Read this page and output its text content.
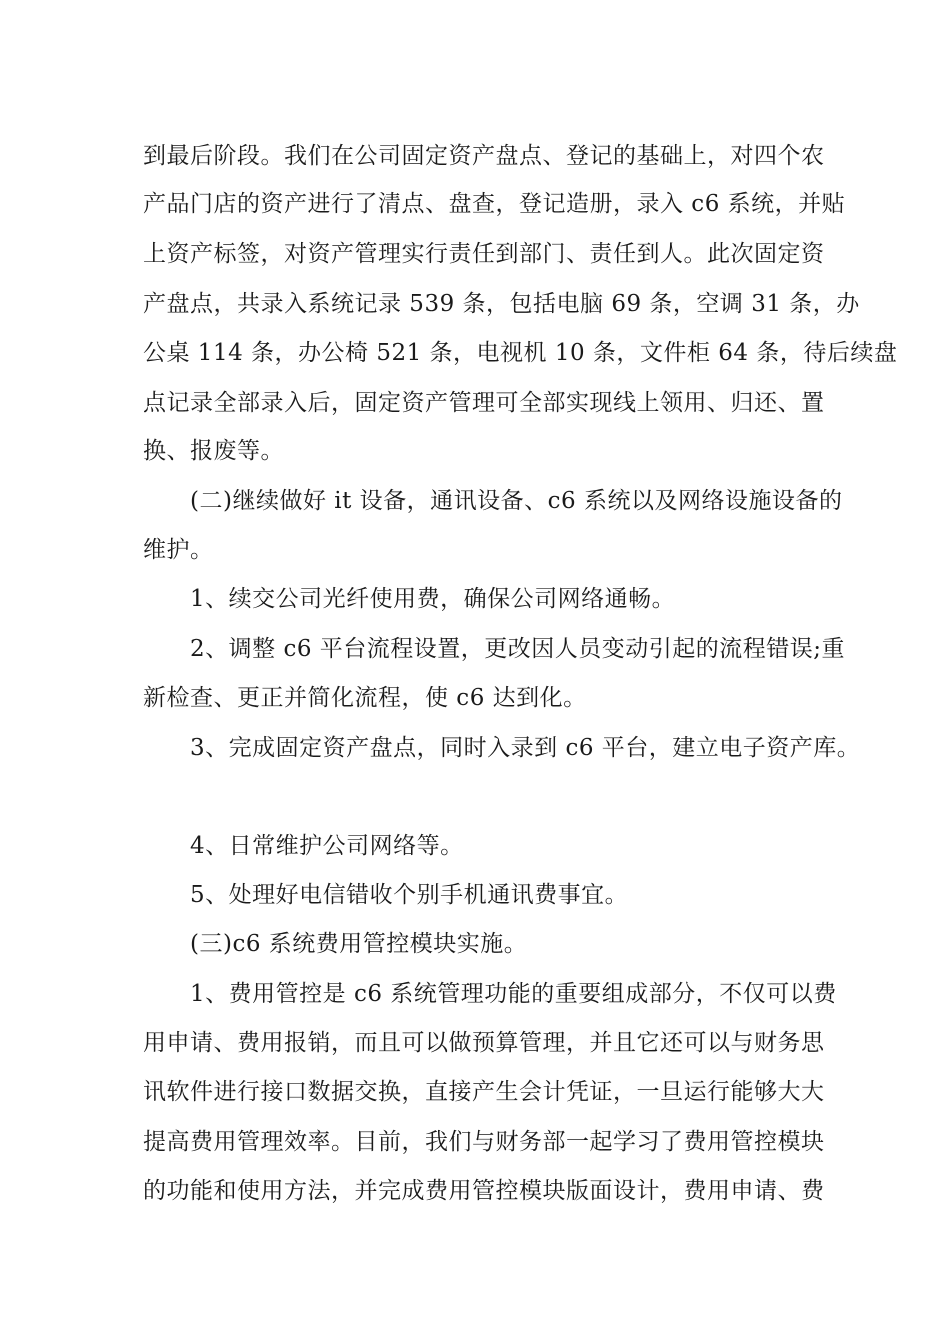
到最后阶段。我们在公司固定资产盘点、登记的基础上，对四个农
产品门店的资产进行了清点、盘查，登记造册，录入 c6 系统，并贴
上资产标签，对资产管理实行责任到部门、责任到人。此次固定资
产盘点，共录入系统记录 539 条，包括电脑 69 条，空调 31 条，办
公桌 114 条，办公椅 521 条，电视机 10 条，文件柜 64 条，待后续盘
点记录全部录入后，固定资产管理可全部实现线上领用、归还、置
换、报废等。
(二)继续做好 it 设备，通讯设备、c6 系统以及网络设施设备的
维护。
1、续交公司光纤使用费，确保公司网络通畅。
2、调整 c6 平台流程设置，更改因人员变动引起的流程错误;重
新检查、更正并简化流程，使 c6 达到化。
3、完成固定资产盘点，同时入录到 c6 平台，建立电子资产库。
4、日常维护公司网络等。
5、处理好电信错收个别手机通讯费事宜。
(三)c6 系统费用管控模块实施。
1、费用管控是 c6 系统管理功能的重要组成部分，不仅可以费
用申请、费用报销，而且可以做预算管理，并且它还可以与财务思
讯软件进行接口数据交换，直接产生会计凭证，一旦运行能够大大
提高费用管理效率。目前，我们与财务部一起学习了费用管控模块
的功能和使用方法，并完成费用管控模块版面设计，费用申请、费
